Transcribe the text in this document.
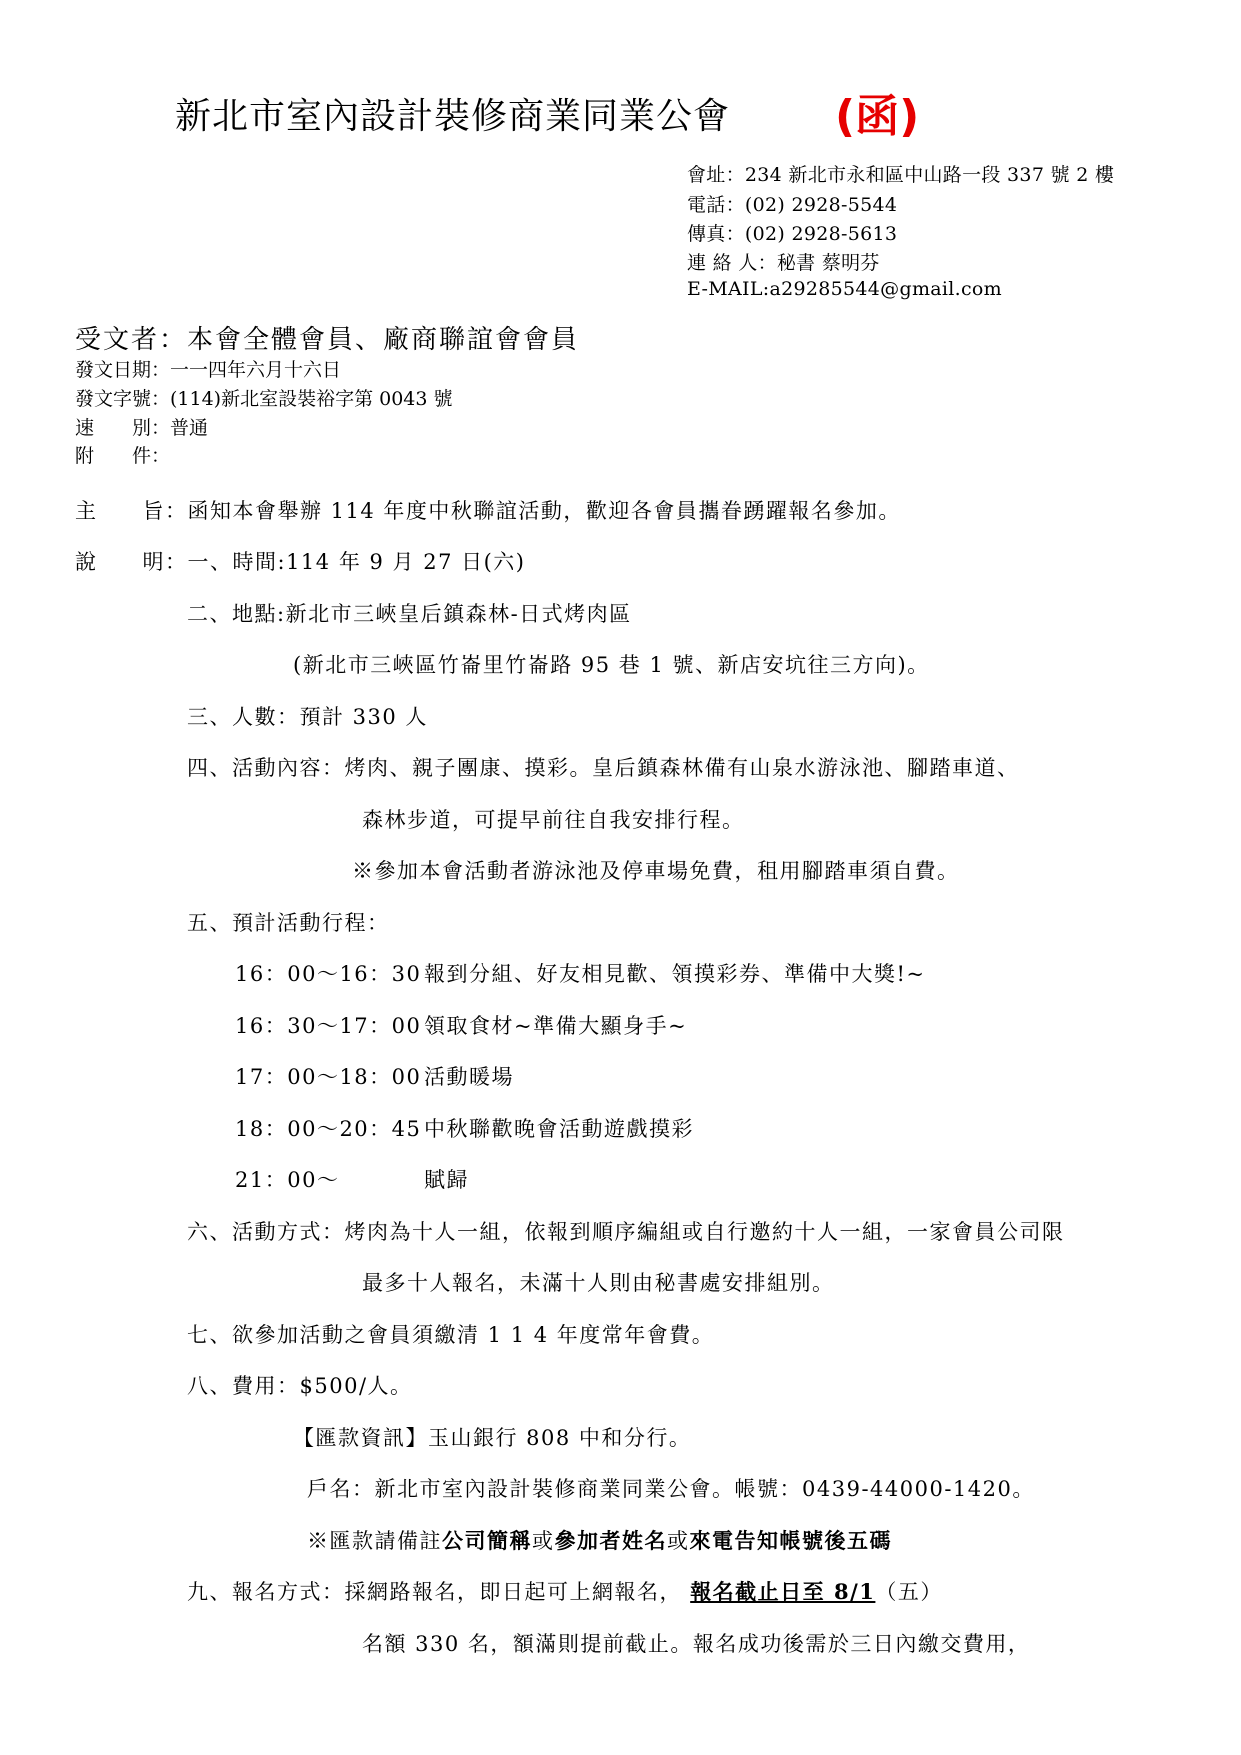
新北市室內設計裝修商業同業公會 (函)
會址：234 新北市永和區中山路一段 337 號 2 樓
電話：(02) 2928-5544
傳真：(02) 2928-5613
連 絡 人：秘書 蔡明芬
E-MAIL:a29285544@gmail.com
受文者：本會全體會員、廠商聯誼會會員
發文日期：一一四年六月十六日
發文字號：(114)新北室設裝裕字第 0043 號
速　　別：普通
附　　件：
主　　旨：函知本會舉辦 114 年度中秋聯誼活動，歡迎各會員攜眷踴躍報名參加。
說　　明：一、時間:114 年 9 月 27 日(六)
二、地點:新北市三峽皇后鎮森林-日式烤肉區
(新北市三峽區竹崙里竹崙路 95 巷 1 號、新店安坑往三方向)。
三、人數：預計 330 人
四、活動內容：烤肉、親子團康、摸彩。皇后鎮森林備有山泉水游泳池、腳踏車道、
森林步道，可提早前往自我安排行程。
※參加本會活動者游泳池及停車場免費，租用腳踏車須自費。
五、預計活動行程：
16：00～16：30 報到分組、好友相見歡、領摸彩券、準備中大獎!~
16：30～17：00 領取食材~準備大顯身手~
17：00～18：00 活動暖場
18：00～20：45 中秋聯歡晚會活動遊戲摸彩
21：00～	賦歸
六、活動方式：烤肉為十人一組，依報到順序編組或自行邀約十人一組，一家會員公司限
最多十人報名，未滿十人則由秘書處安排組別。
七、欲參加活動之會員須繳清 1 1 4 年度常年會費。
八、費用：$500/人。
【匯款資訊】玉山銀行 808 中和分行。
戶名：新北市室內設計裝修商業同業公會。帳號：0439-44000-1420。
※匯款請備註公司簡稱或參加者姓名或來電告知帳號後五碼
九、報名方式：採網路報名，即日起可上網報名， 報名截止日至 8/1（五）
名額 330 名，額滿則提前截止。報名成功後需於三日內繳交費用，
